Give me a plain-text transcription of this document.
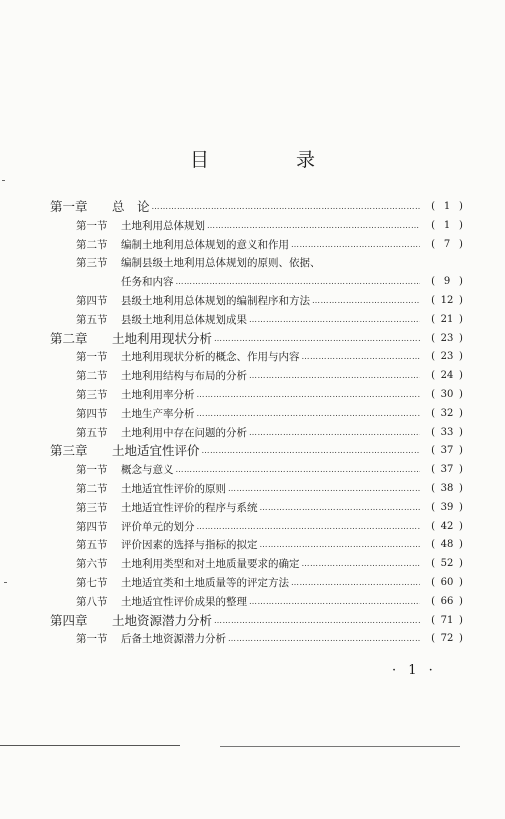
目　录
第一章	总　论 …………………………………………………………………………………………………………………………………………	( 1 )
第一节	土地利用总体规划 …………………………………………………………………………………………………………………………………………	( 1 )
第二节	编制土地利用总体规划的意义和作用 …………………………………………………………………………………………………………………………………………	( 7 )
第三节	编制县级土地利用总体规划的原则、依据、
任务和内容 …………………………………………………………………………………………………………………………………………	( 9 )
第四节	县级土地利用总体规划的编制程序和方法 …………………………………………………………………………………………………………………………………………	( 12 )
第五节	县级土地利用总体规划成果 …………………………………………………………………………………………………………………………………………	( 21 )
第二章	土地利用现状分析 …………………………………………………………………………………………………………………………………………	( 23 )
第一节	土地利用现状分析的概念、作用与内容 …………………………………………………………………………………………………………………………………………	( 23 )
第二节	土地利用结构与布局的分析 …………………………………………………………………………………………………………………………………………	( 24 )
第三节	土地利用率分析 …………………………………………………………………………………………………………………………………………	( 30 )
第四节	土地生产率分析 …………………………………………………………………………………………………………………………………………	( 32 )
第五节	土地利用中存在问题的分析 …………………………………………………………………………………………………………………………………………	( 33 )
第三章	土地适宜性评价 …………………………………………………………………………………………………………………………………………	( 37 )
第一节	概念与意义 …………………………………………………………………………………………………………………………………………	( 37 )
第二节	土地适宜性评价的原则 …………………………………………………………………………………………………………………………………………	( 38 )
第三节	土地适宜性评价的程序与系统 …………………………………………………………………………………………………………………………………………	( 39 )
第四节	评价单元的划分 …………………………………………………………………………………………………………………………………………	( 42 )
第五节	评价因素的选择与指标的拟定 …………………………………………………………………………………………………………………………………………	( 48 )
第六节	土地利用类型和对土地质量要求的确定 …………………………………………………………………………………………………………………………………………	( 52 )
第七节	土地适宜类和土地质量等的评定方法 …………………………………………………………………………………………………………………………………………	( 60 )
第八节	土地适宜性评价成果的整理 …………………………………………………………………………………………………………………………………………	( 66 )
第四章	土地资源潜力分析 …………………………………………………………………………………………………………………………………………	( 71 )
第一节	后备土地资源潜力分析 …………………………………………………………………………………………………………………………………………	( 72 )
· 1 ·
